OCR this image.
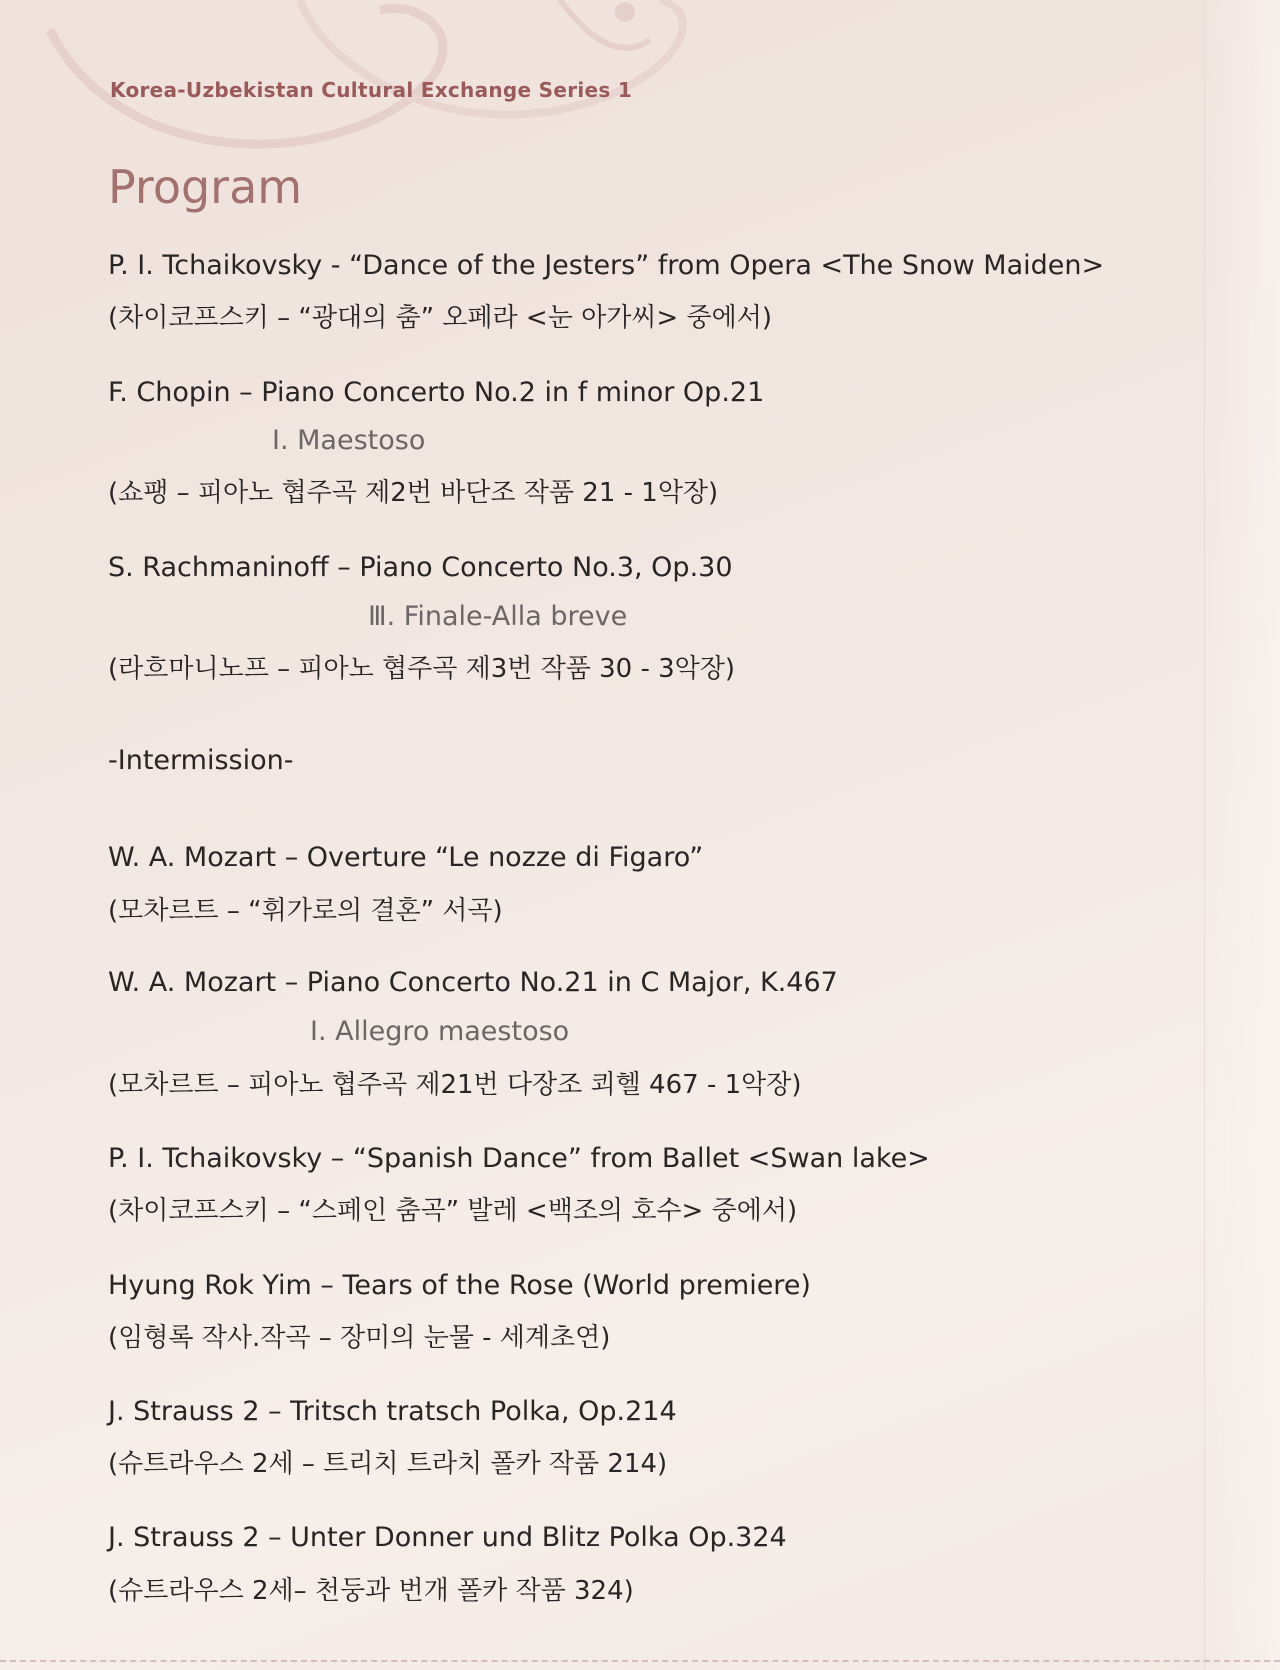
Korea-Uzbekistan Cultural Exchange Series 1
Program
P. I. Tchaikovsky - “Dance of the Jesters” from Opera <The Snow Maiden>
(차이코프스키 – “광대의 춤” 오페라 <눈 아가씨> 중에서)
F. Chopin – Piano Concerto No.2 in f minor Op.21
Ⅰ. Maestoso
(쇼팽 – 피아노 협주곡 제2번 바단조 작품 21 - 1악장)
S. Rachmaninoff – Piano Concerto No.3, Op.30
Ⅲ. Finale-Alla breve
(라흐마니노프 – 피아노 협주곡 제3번 작품 30 - 3악장)
-Intermission-
W. A. Mozart – Overture “Le nozze di Figaro”
(모차르트 – “휘가로의 결혼” 서곡)
W. A. Mozart – Piano Concerto No.21 in C Major, K.467
Ⅰ. Allegro maestoso
(모차르트 – 피아노 협주곡 제21번 다장조 쾨헬 467 - 1악장)
P. I. Tchaikovsky – “Spanish Dance” from Ballet <Swan lake>
(차이코프스키 – “스페인 춤곡” 발레 <백조의 호수> 중에서)
Hyung Rok Yim – Tears of the Rose (World premiere)
(임형록 작사.작곡 – 장미의 눈물 - 세계초연)
J. Strauss 2 – Tritsch tratsch Polka, Op.214
(슈트라우스 2세 – 트리치 트라치 폴카 작품 214)
J. Strauss 2 – Unter Donner und Blitz Polka Op.324
(슈트라우스 2세– 천둥과 번개 폴카 작품 324)
